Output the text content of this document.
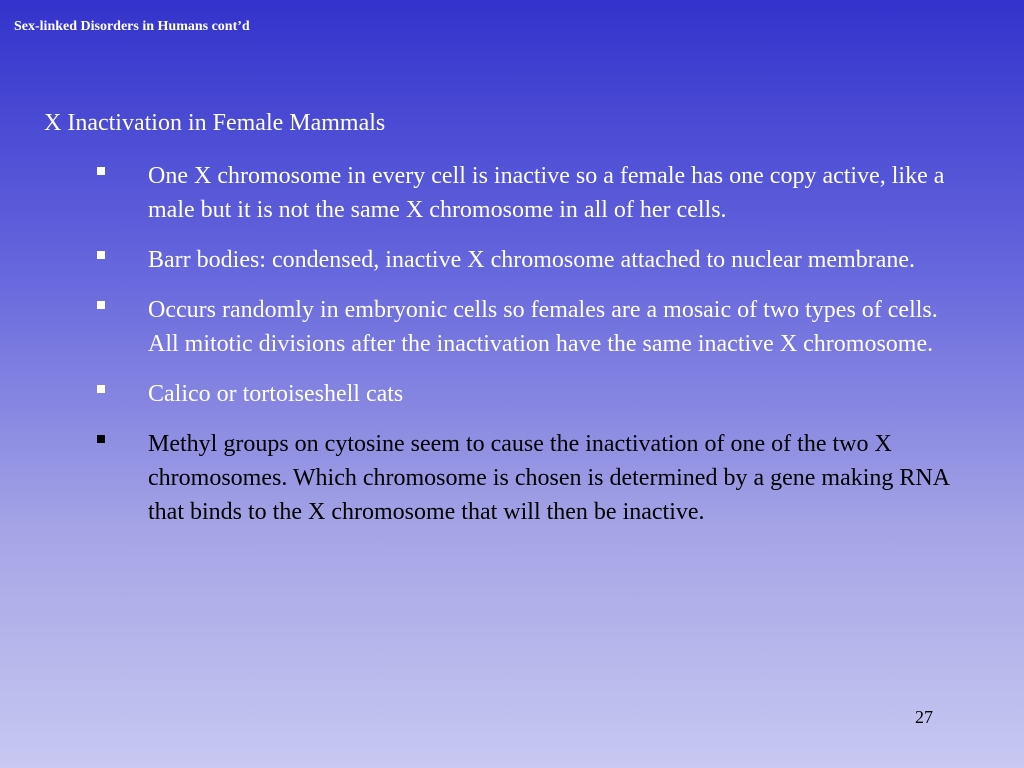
Sex-linked Disorders in Humans cont’d
X Inactivation in Female Mammals
One X chromosome in every cell is inactive so a female has one copy active, like a male but it is not the same X chromosome in all of her cells.
Barr bodies: condensed, inactive X chromosome attached to nuclear membrane.
Occurs randomly in embryonic cells so females are a mosaic of two types of cells. All mitotic divisions after the inactivation have the same inactive X chromosome.
Calico or tortoiseshell cats
Methyl groups on cytosine seem to cause the inactivation of one of the two X chromosomes. Which chromosome is chosen is determined by a gene making RNA that binds to the X chromosome that will then be inactive.
27
